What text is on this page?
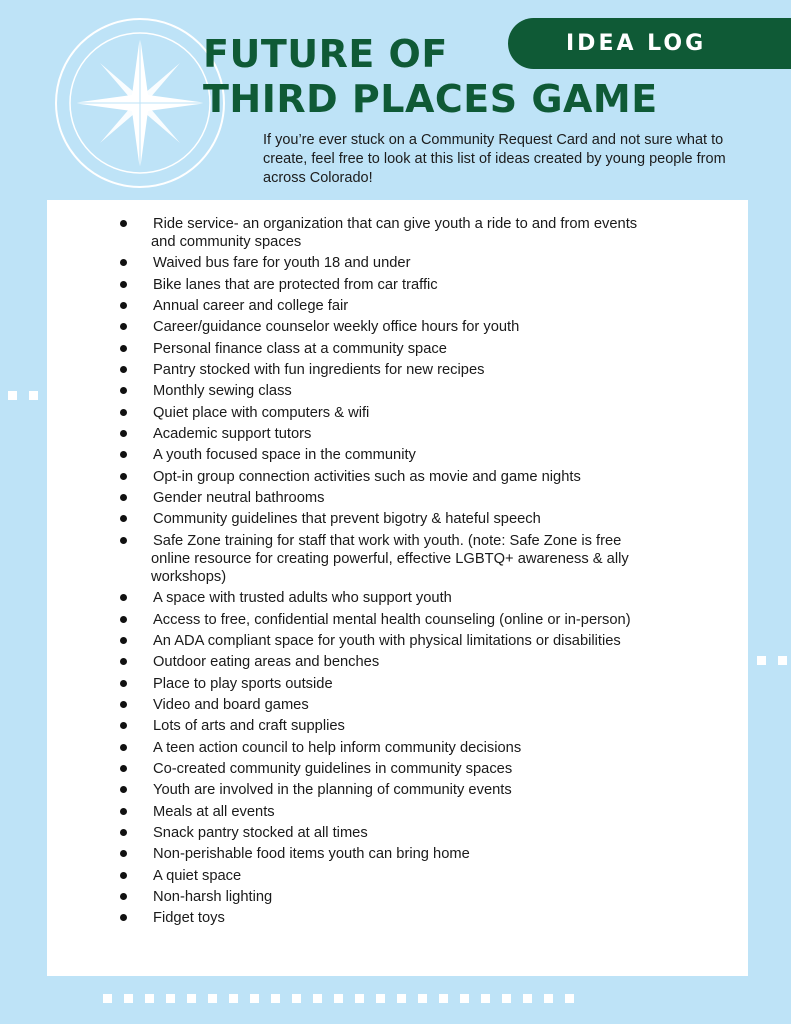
FUTURE OF
THIRD PLACES GAME
IDEA LOG

If you’re ever stuck on a Community Request Card and not sure what to create, feel free to look at this list of ideas created by young people from across Colorado!

Ride service- an organization that can give youth a ride to and from events and community spaces
Waived bus fare for youth 18 and under
Bike lanes that are protected from car traffic
Annual career and college fair
Career/guidance counselor weekly office hours for youth
Personal finance class at a community space
Pantry stocked with fun ingredients for new recipes
Monthly sewing class
Quiet place with computers & wifi
Academic support tutors
A youth focused space in the community
Opt-in group connection activities such as movie and game nights
Gender neutral bathrooms
Community guidelines that prevent bigotry & hateful speech
Safe Zone training for staff that work with youth. (note: Safe Zone is free online resource for creating powerful, effective LGBTQ+ awareness & ally workshops)
A space with trusted adults who support youth
Access to free, confidential mental health counseling (online or in-person)
An ADA compliant space for youth with physical limitations or disabilities
Outdoor eating areas and benches
Place to play sports outside
Video and board games
Lots of arts and craft supplies
A teen action council to help inform community decisions
Co-created community guidelines in community spaces
Youth are involved in the planning of community events
Meals at all events
Snack pantry stocked at all times
Non-perishable food items youth can bring home
A quiet space
Non-harsh lighting
Fidget toys
